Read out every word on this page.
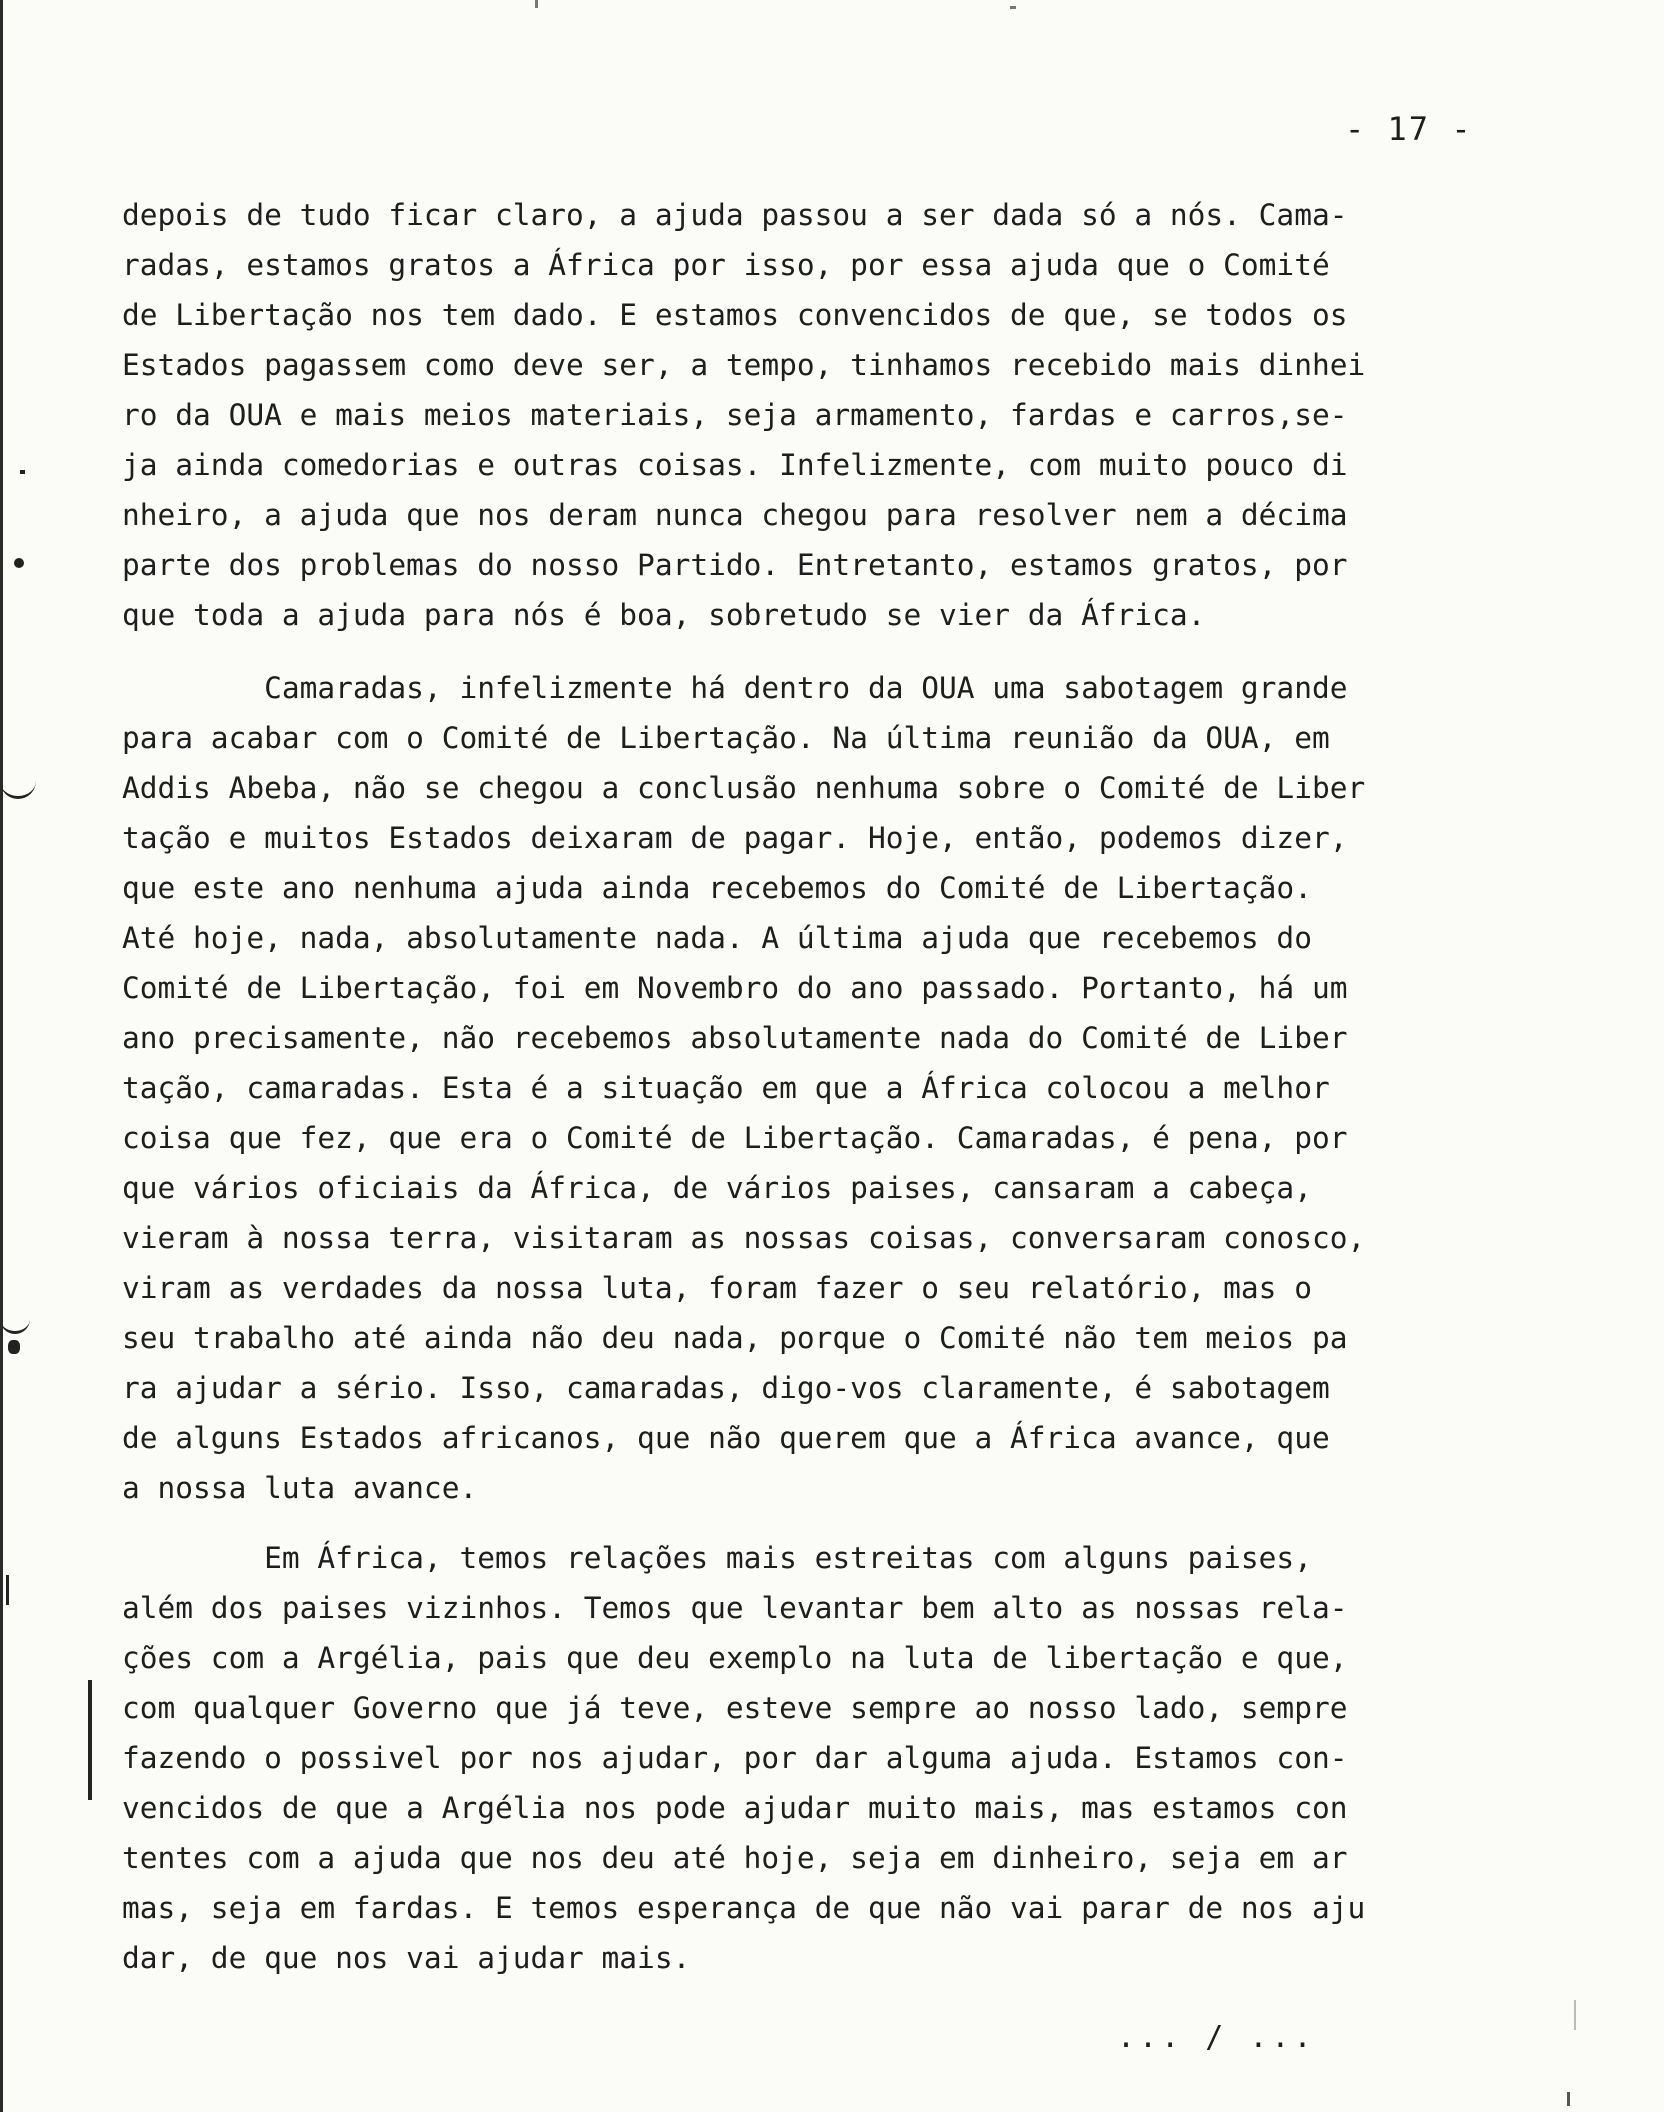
- 17 -

depois de tudo ficar claro, a ajuda passou a ser dada só a nós. Cama-
radas, estamos gratos a África por isso, por essa ajuda que o Comité
de Libertação nos tem dado. E estamos convencidos de que, se todos os
Estados pagassem como deve ser, a tempo, tinhamos recebido mais dinhei
ro da OUA e mais meios materiais, seja armamento, fardas e carros,se-
ja ainda comedorias e outras coisas. Infelizmente, com muito pouco di
nheiro, a ajuda que nos deram nunca chegou para resolver nem a décima
parte dos problemas do nosso Partido. Entretanto, estamos gratos, por
que toda a ajuda para nós é boa, sobretudo se vier da África.

Camaradas, infelizmente há dentro da OUA uma sabotagem grande
para acabar com o Comité de Libertação. Na última reunião da OUA, em
Addis Abeba, não se chegou a conclusão nenhuma sobre o Comité de Liber
tação e muitos Estados deixaram de pagar. Hoje, então, podemos dizer,
que este ano nenhuma ajuda ainda recebemos do Comité de Libertação.
Até hoje, nada, absolutamente nada. A última ajuda que recebemos do
Comité de Libertação, foi em Novembro do ano passado. Portanto, há um
ano precisamente, não recebemos absolutamente nada do Comité de Liber
tação, camaradas. Esta é a situação em que a África colocou a melhor
coisa que fez, que era o Comité de Libertação. Camaradas, é pena, por
que vários oficiais da África, de vários paises, cansaram a cabeça,
vieram à nossa terra, visitaram as nossas coisas, conversaram conosco,
viram as verdades da nossa luta, foram fazer o seu relatório, mas o
seu trabalho até ainda não deu nada, porque o Comité não tem meios pa
ra ajudar a sério. Isso, camaradas, digo-vos claramente, é sabotagem
de alguns Estados africanos, que não querem que a África avance, que
a nossa luta avance.

Em África, temos relações mais estreitas com alguns paises,
além dos paises vizinhos. Temos que levantar bem alto as nossas rela-
ções com a Argélia, pais que deu exemplo na luta de libertação e que,
com qualquer Governo que já teve, esteve sempre ao nosso lado, sempre
fazendo o possivel por nos ajudar, por dar alguma ajuda. Estamos con-
vencidos de que a Argélia nos pode ajudar muito mais, mas estamos con
tentes com a ajuda que nos deu até hoje, seja em dinheiro, seja em ar
mas, seja em fardas. E temos esperança de que não vai parar de nos aju
dar, de que nos vai ajudar mais.

... / ...
